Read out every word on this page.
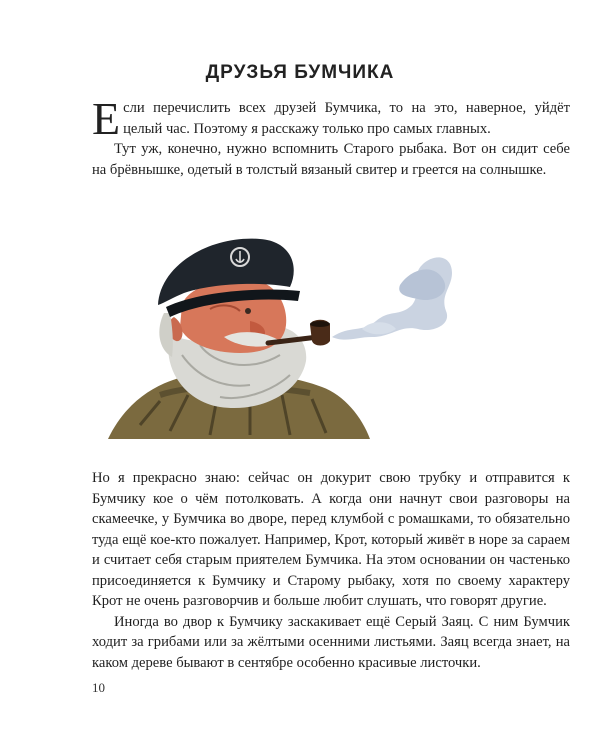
ДРУЗЬЯ БУМЧИКА

Если перечислить всех друзей Бумчика, то на это, наверное, уйдёт целый час. Поэтому я расскажу только про самых главных.

Тут уж, конечно, нужно вспомнить Старого рыбака. Вот он сидит себе на брёвнышке, одетый в толстый вязаный свитер и греется на солнышке.

Но я прекрасно знаю: сейчас он докурит свою трубку и отправится к Бумчику кое о чём потолковать. А когда они начнут свои разговоры на скамеечке, у Бумчика во дворе, перед клумбой с ромашками, то обязательно туда ещё кое-кто пожалует. Например, Крот, который живёт в норе за сараем и считает себя старым приятелем Бумчика. На этом основании он частенько присоединяется к Бумчику и Старому рыбаку, хотя по своему характеру Крот не очень разговорчив и больше любит слушать, что говорят другие.

Иногда во двор к Бумчику заскакивает ещё Серый Заяц. С ним Бумчик ходит за грибами или за жёлтыми осенними листьями. Заяц всегда знает, на каком дереве бывают в сентябре особенно красивые листочки.

10
